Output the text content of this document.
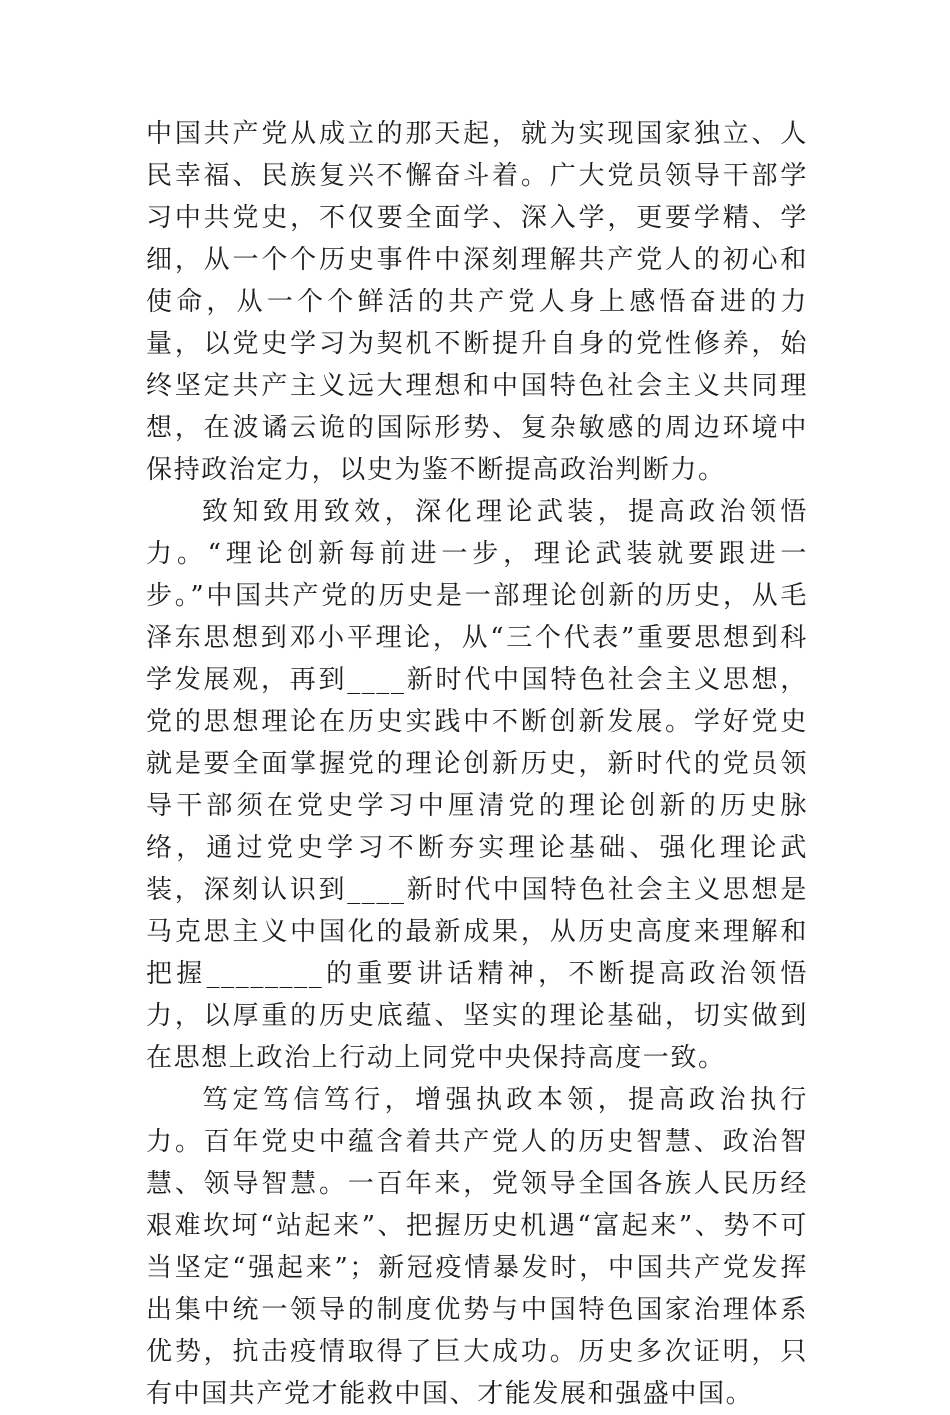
中国共产党从成立的那天起，就为实现国家独立、人民幸福、民族复兴不懈奋斗着。广大党员领导干部学习中共党史，不仅要全面学、深入学，更要学精、学细，从一个个历史事件中深刻理解共产党人的初心和使命，从一个个鲜活的共产党人身上感悟奋进的力量，以党史学习为契机不断提升自身的党性修养，始终坚定共产主义远大理想和中国特色社会主义共同理想，在波谲云诡的国际形势、复杂敏感的周边环境中保持政治定力，以史为鉴不断提高政治判断力。

致知致用致效，深化理论武装，提高政治领悟力。“理论创新每前进一步，理论武装就要跟进一步。”中国共产党的历史是一部理论创新的历史，从毛泽东思想到邓小平理论，从“三个代表”重要思想到科学发展观，再到____新时代中国特色社会主义思想，党的思想理论在历史实践中不断创新发展。学好党史就是要全面掌握党的理论创新历史，新时代的党员领导干部须在党史学习中厘清党的理论创新的历史脉络，通过党史学习不断夯实理论基础、强化理论武装，深刻认识到____新时代中国特色社会主义思想是马克思主义中国化的最新成果，从历史高度来理解和把握________的重要讲话精神，不断提高政治领悟力，以厚重的历史底蕴、坚实的理论基础，切实做到在思想上政治上行动上同党中央保持高度一致。

笃定笃信笃行，增强执政本领，提高政治执行力。百年党史中蕴含着共产党人的历史智慧、政治智慧、领导智慧。一百年来，党领导全国各族人民历经艰难坎坷“站起来”、把握历史机遇“富起来”、势不可当坚定“强起来”；新冠疫情暴发时，中国共产党发挥出集中统一领导的制度优势与中国特色国家治理体系优势，抗击疫情取得了巨大成功。历史多次证明，只有中国共产党才能救中国、才能发展和强盛中国。
